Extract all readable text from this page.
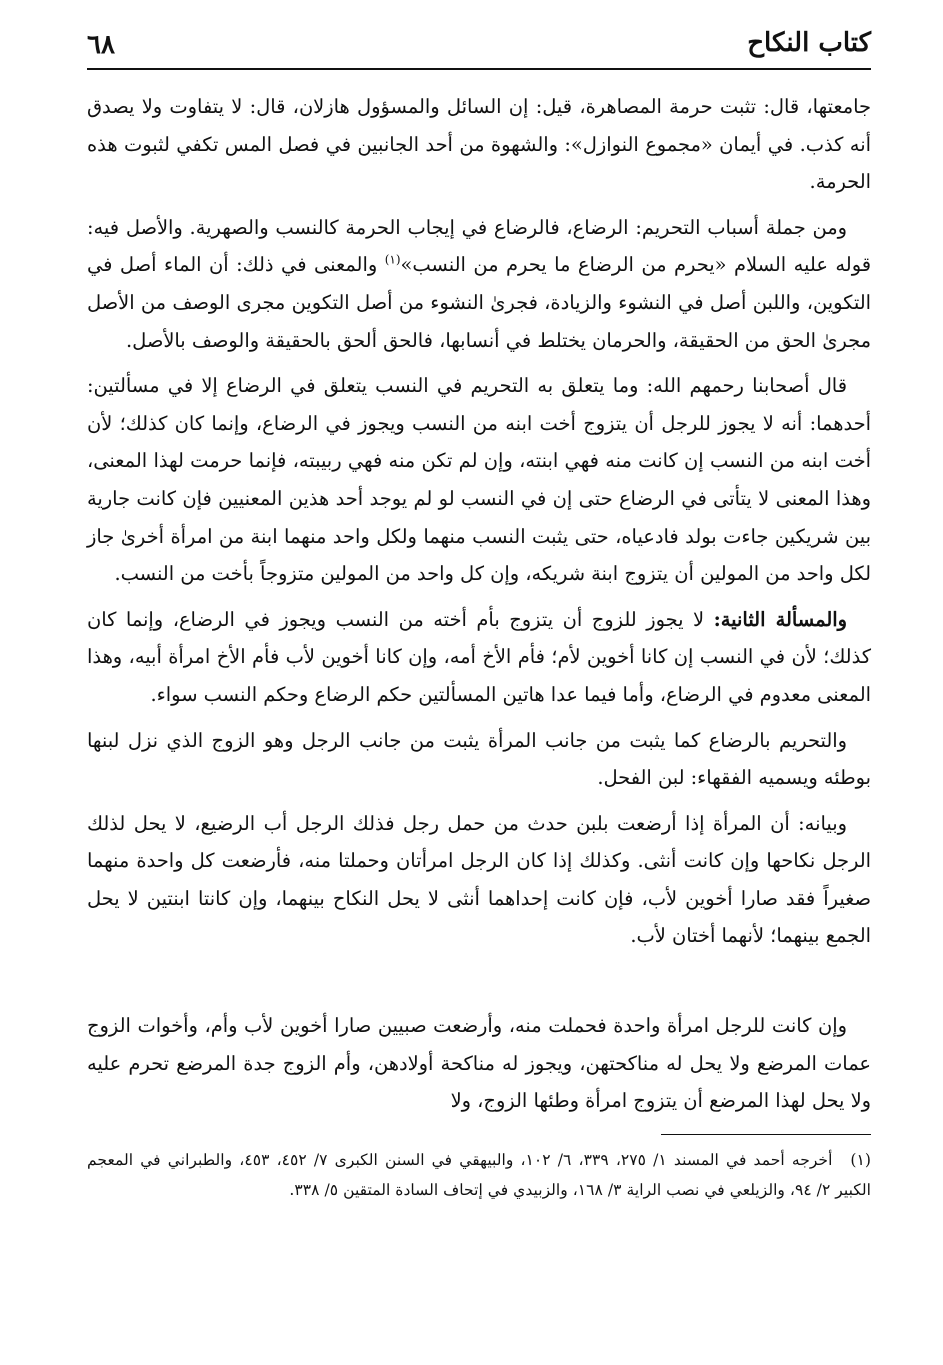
كتاب النكاح
٦٨

جامعتها، قال: تثبت حرمة المصاهرة، قيل: إن السائل والمسؤول هازلان، قال: لا يتفاوت ولا يصدق أنه كذب. في أيمان «مجموع النوازل»: والشهوة من أحد الجانبين في فصل المس تكفي لثبوت هذه الحرمة.

ومن جملة أسباب التحريم: الرضاع، فالرضاع في إيجاب الحرمة كالنسب والصهرية. والأصل فيه: قوله عليه السلام «يحرم من الرضاع ما يحرم من النسب»$^{(١)}$ والمعنى في ذلك: أن الماء أصل في التكوين، واللبن أصل في النشوء والزيادة، فجرىٰ النشوء من أصل التكوين مجرى الوصف من الأصل مجرىٰ الحق من الحقيقة، والحرمان يختلط في أنسابها، فالحق ألحق بالحقيقة والوصف بالأصل.

قال أصحابنا رحمهم الله: وما يتعلق به التحريم في النسب يتعلق في الرضاع إلا في مسألتين: أحدهما: أنه لا يجوز للرجل أن يتزوج أخت ابنه من النسب ويجوز في الرضاع، وإنما كان كذلك؛ لأن أخت ابنه من النسب إن كانت منه فهي ابنته، وإن لم تكن منه فهي ربيبته، فإنما حرمت لهذا المعنى، وهذا المعنى لا يتأتى في الرضاع حتى إن في النسب لو لم يوجد أحد هذين المعنيين فإن كانت جارية بين شريكين جاءت بولد فادعياه، حتى يثبت النسب منهما ولكل واحد منهما ابنة من امرأة أخرىٰ جاز لكل واحد من المولين أن يتزوج ابنة شريكه، وإن كل واحد من المولين متزوجاً بأخت من النسب.

والمسألة الثانية: لا يجوز للزوج أن يتزوج بأم أخته من النسب ويجوز في الرضاع، وإنما كان كذلك؛ لأن في النسب إن كانا أخوين لأم؛ فأم الأخ أمه، وإن كانا أخوين لأب فأم الأخ امرأة أبيه، وهذا المعنى معدوم في الرضاع، وأما فيما عدا هاتين المسألتين حكم الرضاع وحكم النسب سواء.

والتحريم بالرضاع كما يثبت من جانب المرأة يثبت من جانب الرجل وهو الزوج الذي نزل لبنها بوطئه ويسميه الفقهاء: لبن الفحل.

وبيانه: أن المرأة إذا أرضعت بلبن حدث من حمل رجل فذلك الرجل أب الرضيع، لا يحل لذلك الرجل نكاحها وإن كانت أنثى. وكذلك إذا كان الرجل امرأتان وحملتا منه، فأرضعت كل واحدة منهما صغيراً فقد صارا أخوين لأب، فإن كانت إحداهما أنثى لا يحل النكاح بينهما، وإن كانتا ابنتين لا يحل الجمع بينهما؛ لأنهما أختان لأب.

وإن كانت للرجل امرأة واحدة فحملت منه، وأرضعت صبيين صارا أخوين لأب وأم، وأخوات الزوج عمات المرضع ولا يحل له مناكحتهن، ويجوز له مناكحة أولادهن، وأم الزوج جدة المرضع تحرم عليه ولا يحل لهذا المرضع أن يتزوج امرأة وطئها الزوج، ولا

(١)أخرجه أحمد في المسند ١/ ٢٧٥، ٣٣٩، ٦/ ١٠٢، والبيهقي في السنن الكبرى ٧/ ٤٥٢، ٤٥٣، والطبراني في المعجم الكبير ٢/ ٩٤، والزيلعي في نصب الراية ٣/ ١٦٨، والزبيدي في إتحاف السادة المتقين ٥/ ٣٣٨.
